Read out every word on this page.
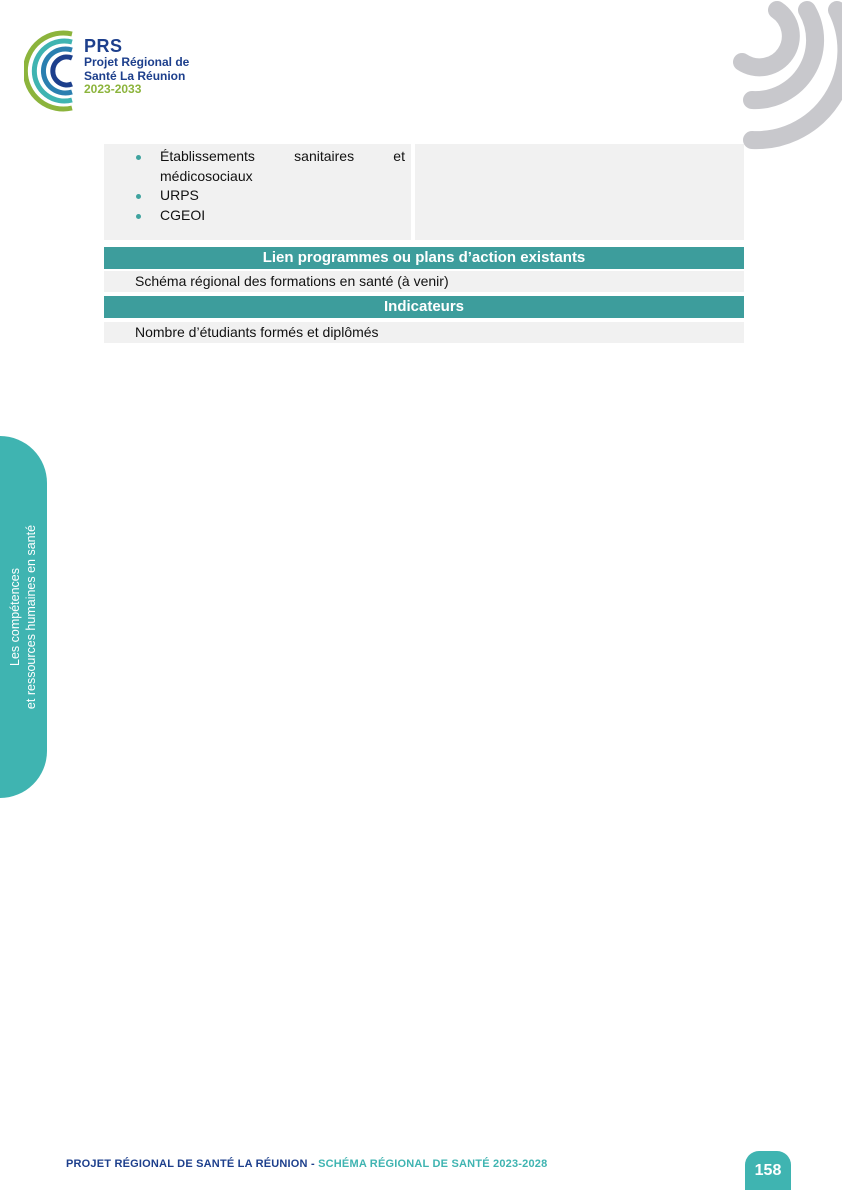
PRS
Projet Régional de
Santé La Réunion
2023-2033
Les compétences et ressources humaines en santé
Établissements	sanitaires	et
médicosociaux
URPS
CGEOI
Lien programmes ou plans d’action existants
Schéma régional des formations en santé (à venir)
Indicateurs
Nombre d’étudiants formés et diplômés
PROJET RÉGIONAL DE SANTÉ LA RÉUNION - SCHÉMA RÉGIONAL DE SANTÉ 2023-2028	158
